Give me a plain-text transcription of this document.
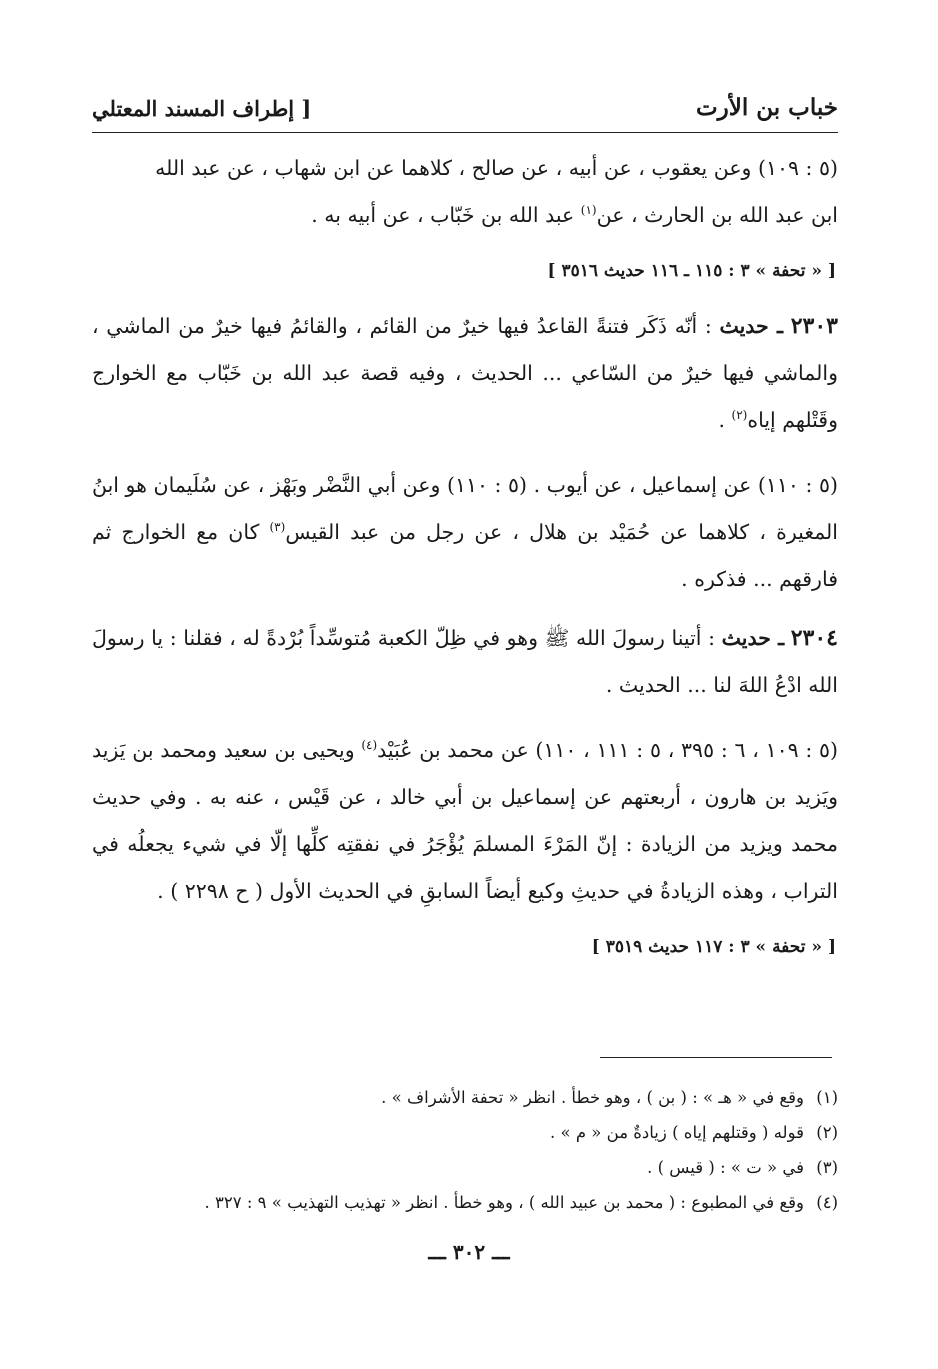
خباب بن الأرت
[ إطراف المسند المعتلي

(٥ : ١٠٩) وعن يعقوب ، عن أبيه ، عن صالح ، كلاهما عن ابن شهاب ، عن عبد الله
ابن عبد الله بن الحارث ، عن$^{(١)}$ عبد الله بن خَبّاب ، عن أبيه به .

[ « تحفة » ٣ : ١١٥ ـ ١١٦ حديث ٣٥١٦ ]

٢٣٠٣ ـ حديث : أنّه ذَكَر فتنةً القاعدُ فيها خيرٌ من القائم ، والقائمُ فيها خيرٌ من الماشي ، والماشي فيها خيرٌ من السّاعي ... الحديث ، وفيه قصة عبد الله بن خَبّاب مع الخوارج وقَتْلهم إياه$^{(٢)}$ .

(٥ : ١١٠) عن إسماعيل ، عن أيوب . (٥ : ١١٠) وعن أبي النَّضْر وبَهْز ، عن سُلَيمان هو ابنُ المغيرة ، كلاهما عن حُمَيْد بن هلال ، عن رجل من عبد القيس$^{(٣)}$ كان مع الخوارج ثم فارقهم ... فذكره .

٢٣٠٤ ـ حديث : أتينا رسولَ الله ﷺ وهو في ظِلّ الكعبة مُتوسِّداً بُرْدةً له ، فقلنا : يا رسولَ الله ادْعُ اللهَ لنا ... الحديث .

(٥ : ١٠٩ ، ٦ : ٣٩٥ ، ٥ : ١١١ ، ١١٠) عن محمد بن عُبَيْد$^{(٤)}$ ويحيى بن سعيد ومحمد بن يَزيد ويَزيد بن هارون ، أربعتهم عن إسماعيل بن أبي خالد ، عن قَيْس ، عنه به . وفي حديث محمد ويزيد من الزيادة : إنّ المَرْءَ المسلمَ يُؤْجَرُ في نفقتِه كلِّها إلّا في شيء يجعلُه في التراب ، وهذه الزيادةُ في حديثِ وكيع أيضاً السابقِ في الحديث الأول ( ح ٢٢٩٨ ) .

[ « تحفة » ٣ : ١١٧ حديث ٣٥١٩ ]

(١)وقع في « هـ » : ( بن ) ، وهو خطأ . انظر « تحفة الأشراف » .
(٢)قوله ( وقتلهم إياه ) زيادةٌ من « م » .
(٣)في « ت » : ( قيس ) .
(٤)وقع في المطبوع : ( محمد بن عبيد الله ) ، وهو خطأ . انظر « تهذيب التهذيب » ٩ : ٣٢٧ .
ـــ ٣٠٢ ـــ
